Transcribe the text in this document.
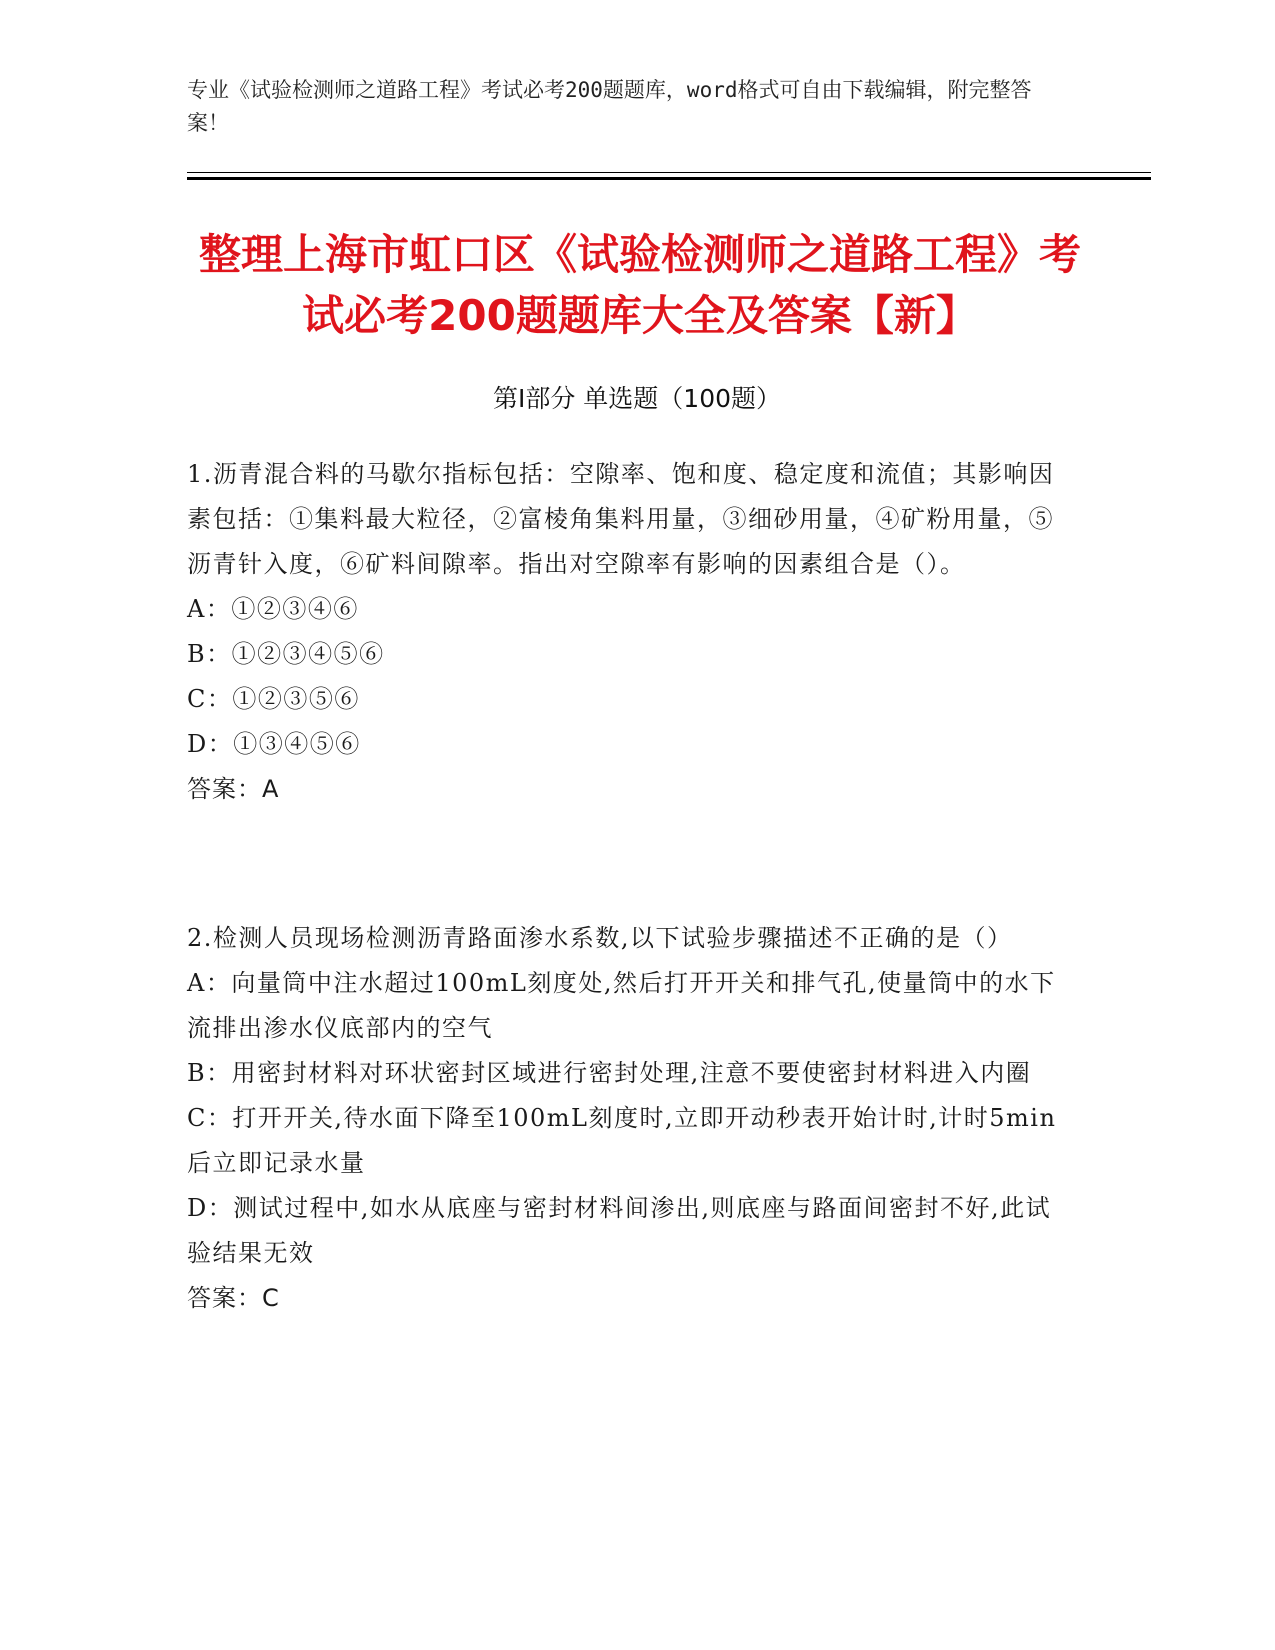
专业《试验检测师之道路工程》考试必考200题题库，word格式可自由下载编辑，附完整答案！
整理上海市虹口区《试验检测师之道路工程》考试必考200题题库大全及答案【新】
第Ⅰ部分 单选题（100题）
1.沥青混合料的马歇尔指标包括：空隙率、饱和度、稳定度和流值；其影响因素包括：①集料最大粒径，②富棱角集料用量，③细砂用量，④矿粉用量，⑤沥青针入度，⑥矿料间隙率。指出对空隙率有影响的因素组合是（）。
A：①②③④⑥
B：①②③④⑤⑥
C：①②③⑤⑥
D：①③④⑤⑥
答案：A
2.检测人员现场检测沥青路面渗水系数,以下试验步骤描述不正确的是（）
A：向量筒中注水超过100mL刻度处,然后打开开关和排气孔,使量筒中的水下流排出渗水仪底部内的空气
B：用密封材料对环状密封区域进行密封处理,注意不要使密封材料进入内圈
C：打开开关,待水面下降至100mL刻度时,立即开动秒表开始计时,计时5min后立即记录水量
D：测试过程中,如水从底座与密封材料间渗出,则底座与路面间密封不好,此试验结果无效
答案：C
